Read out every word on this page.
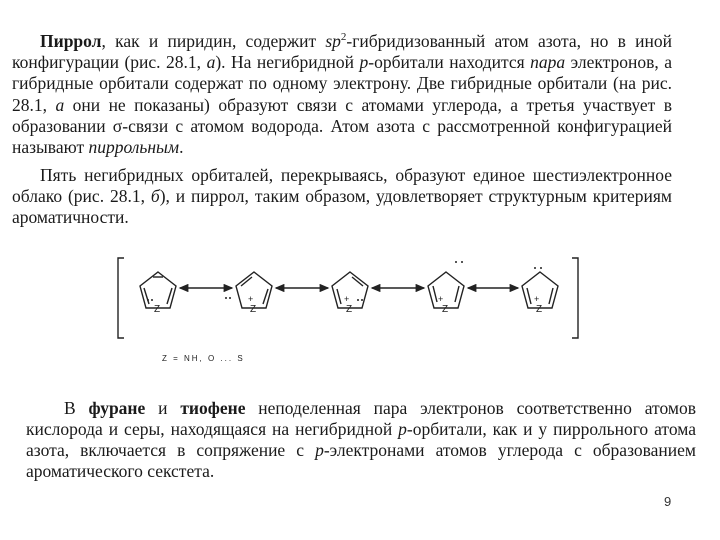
Пиррол, как и пиридин, содержит $sp^2$-гибридизованный атом азота, но в иной конфигурации (рис. 28.1, а). На негибридной р-орбитали находится пара электронов, а гибридные орбитали содержат по одному электрону. Две гибридные орбитали (на рис. 28.1, а они не показаны) образуют связи с атомами углерода, а третья участвует в образовании σ-связи с атомом водорода. Атом азота с рассмотренной конфигурацией называют пиррольным.

Пять негибридных орбиталей, перекрываясь, образуют единое шестиэлектронное облако (рис. 28.1, б), и пиррол, таким образом, удовлетворяет структурным критериям ароматичности.

Z	Z	Z	Z	Z
+	+	+	+
Z = NH, O ... S

В фуране и тиофене неподеленная пара электронов соответственно атомов кислорода и серы, находящаяся на негибридной р-орбитали, как и у пиррольного атома азота, включается в сопряжение с р-электронами атомов углерода с образованием ароматического секстета.

9
